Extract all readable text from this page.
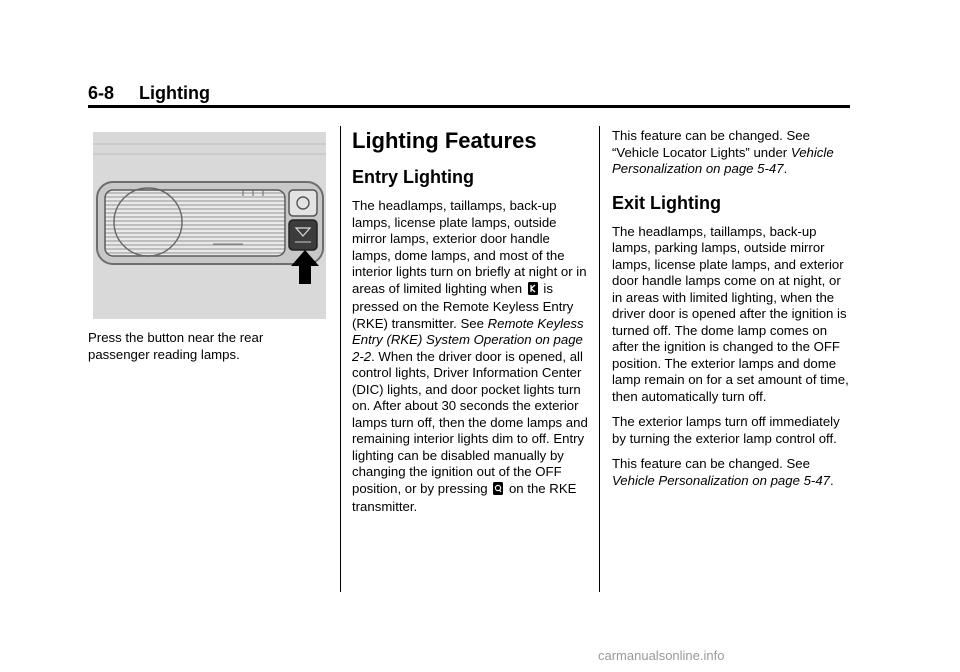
6-8     Lighting
Press the button near the rear passenger reading lamps.
Lighting Features
Entry Lighting

The headlamps, taillamps, back-up lamps, license plate lamps, outside mirror lamps, exterior door handle lamps, dome lamps, and most of the interior lights turn on briefly at night or in areas of limited lighting when is pressed on the Remote Keyless Entry (RKE) transmitter. See Remote Keyless Entry (RKE) System Operation on page 2-2. When the driver door is opened, all control lights, Driver Information Center (DIC) lights, and door pocket lights turn on. After about 30 seconds the exterior lamps turn off, then the dome lamps and remaining interior lights dim to off. Entry lighting can be disabled manually by changing the ignition out of the OFF position, or by pressing on the RKE transmitter.

This feature can be changed. See “Vehicle Locator Lights” under Vehicle Personalization on page 5-47.

Exit Lighting

The headlamps, taillamps, back-up lamps, parking lamps, outside mirror lamps, license plate lamps, and exterior door handle lamps come on at night, or in areas with limited lighting, when the driver door is opened after the ignition is turned off. The dome lamp comes on after the ignition is changed to the OFF position. The exterior lamps and dome lamp remain on for a set amount of time, then automatically turn off.

The exterior lamps turn off immediately by turning the exterior lamp control off.

This feature can be changed. See Vehicle Personalization on page 5-47.

carmanualsonline.info
